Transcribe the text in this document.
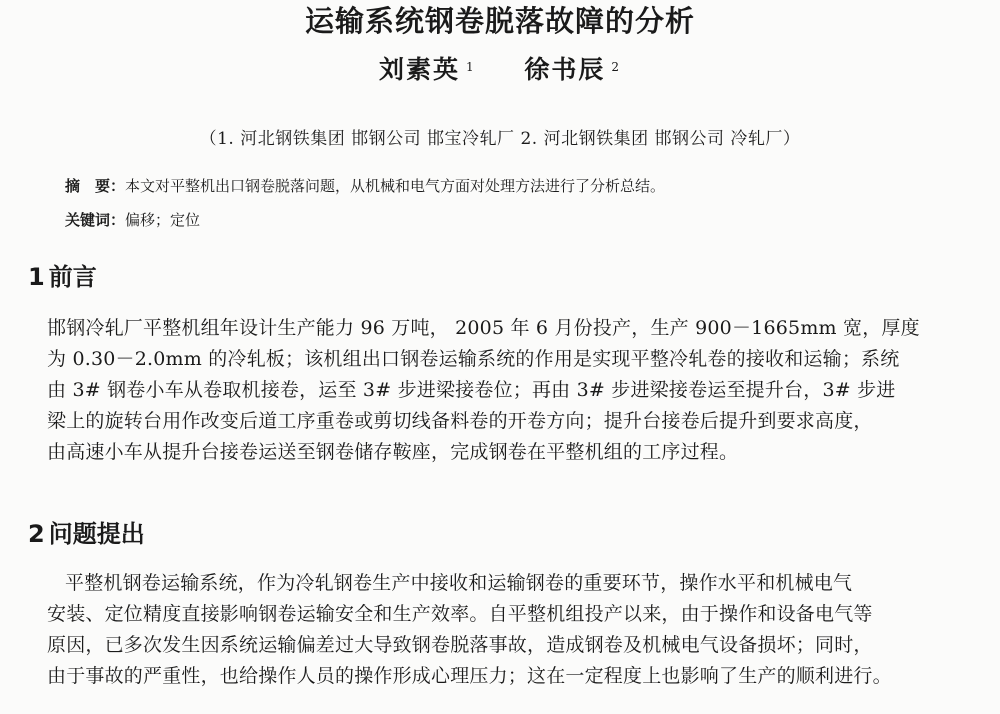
运输系统钢卷脱落故障的分析
刘素英 $^1$ 徐书辰 $^2$
（1. 河北钢铁集团 邯钢公司 邯宝冷轧厂 2. 河北钢铁集团 邯钢公司 冷轧厂）
摘　要：本文对平整机出口钢卷脱落问题，从机械和电气方面对处理方法进行了分析总结。
关键词：偏移；定位
1 前言
邯钢冷轧厂平整机组年设计生产能力 96 万吨， 2005 年 6 月份投产，生产 900－1665mm 宽，厚度
为 0.30－2.0mm 的冷轧板；该机组出口钢卷运输系统的作用是实现平整冷轧卷的接收和运输；系统
由 3# 钢卷小车从卷取机接卷，运至 3# 步进梁接卷位；再由 3# 步进梁接卷运至提升台，3# 步进
梁上的旋转台用作改变后道工序重卷或剪切线备料卷的开卷方向；提升台接卷后提升到要求高度，
由高速小车从提升台接卷运送至钢卷储存鞍座，完成钢卷在平整机组的工序过程。
2 问题提出
平整机钢卷运输系统，作为冷轧钢卷生产中接收和运输钢卷的重要环节，操作水平和机械电气
安装、定位精度直接影响钢卷运输安全和生产效率。自平整机组投产以来，由于操作和设备电气等
原因，已多次发生因系统运输偏差过大导致钢卷脱落事故，造成钢卷及机械电气设备损坏；同时，
由于事故的严重性，也给操作人员的操作形成心理压力；这在一定程度上也影响了生产的顺利进行。
